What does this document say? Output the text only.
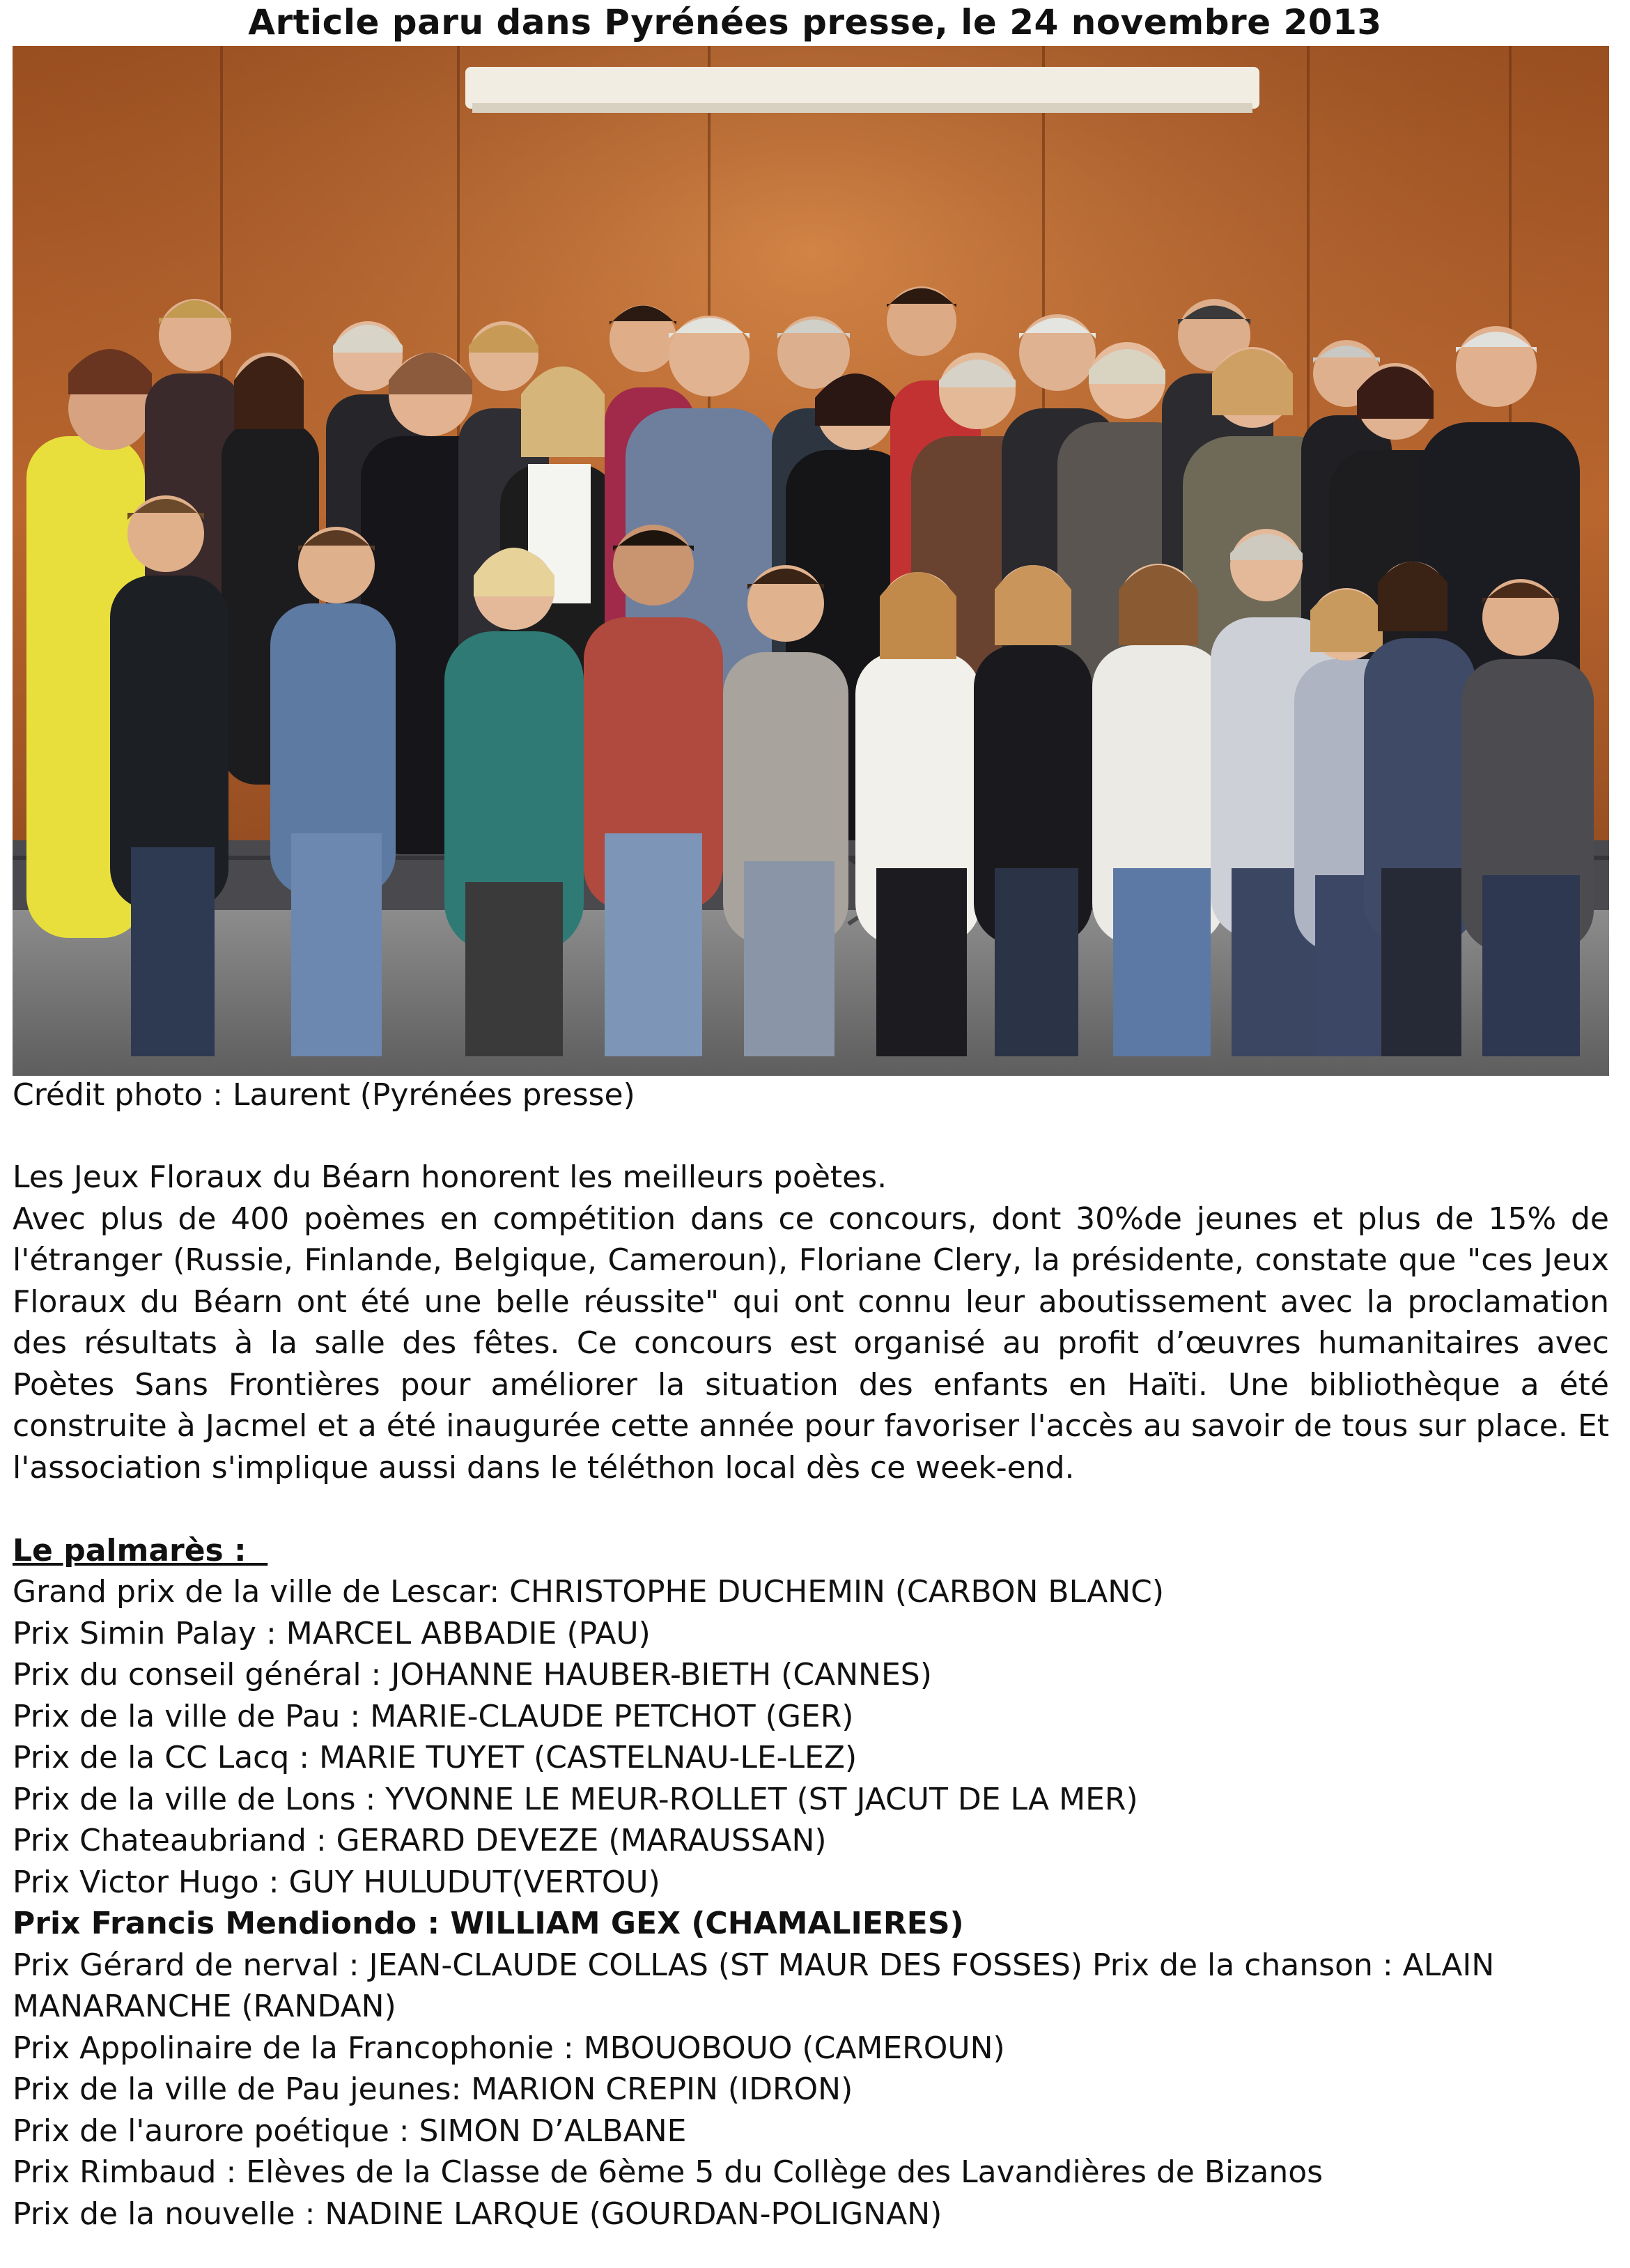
Article paru dans Pyrénées presse, le 24 novembre 2013
Crédit photo : Laurent (Pyrénées presse)

Les Jeux Floraux du Béarn honorent les meilleurs poètes.

Avec plus de 400 poèmes en compétition dans ce concours, dont 30%de jeunes et plus de 15% de l'étranger (Russie, Finlande, Belgique, Cameroun), Floriane Clery, la présidente, constate que "ces Jeux Floraux du Béarn ont été une belle réussite" qui ont connu leur aboutissement avec la proclamation des résultats à la salle des fêtes. Ce concours est organisé au profit d’œuvres humanitaires avec Poètes Sans Frontières pour améliorer la situation des enfants en Haïti. Une bibliothèque a été construite à Jacmel et a été inaugurée cette année pour favoriser l'accès au savoir de tous sur place. Et l'association s'implique aussi dans le téléthon local dès ce week-end.

Le palmarès :
Grand prix de la ville de Lescar: CHRISTOPHE DUCHEMIN (CARBON BLANC)
Prix Simin Palay : MARCEL ABBADIE (PAU)
Prix du conseil général : JOHANNE HAUBER-BIETH (CANNES)
Prix de la ville de Pau : MARIE-CLAUDE PETCHOT (GER)
Prix de la CC Lacq : MARIE TUYET (CASTELNAU-LE-LEZ)
Prix de la ville de Lons : YVONNE LE MEUR-ROLLET (ST JACUT DE LA MER)
Prix Chateaubriand : GERARD DEVEZE (MARAUSSAN)
Prix Victor Hugo : GUY HULUDUT(VERTOU)
Prix Francis Mendiondo : WILLIAM GEX (CHAMALIERES)
Prix Gérard de nerval : JEAN-CLAUDE COLLAS (ST MAUR DES FOSSES) Prix de la chanson : ALAIN MANARANCHE (RANDAN)
Prix Appolinaire de la Francophonie : MBOUOBOUO (CAMEROUN)
Prix de la ville de Pau jeunes: MARION CREPIN (IDRON)
Prix de l'aurore poétique : SIMON D’ALBANE
Prix Rimbaud : Elèves de la Classe de 6ème 5 du Collège des Lavandières de Bizanos
Prix de la nouvelle : NADINE LARQUE (GOURDAN-POLIGNAN)
